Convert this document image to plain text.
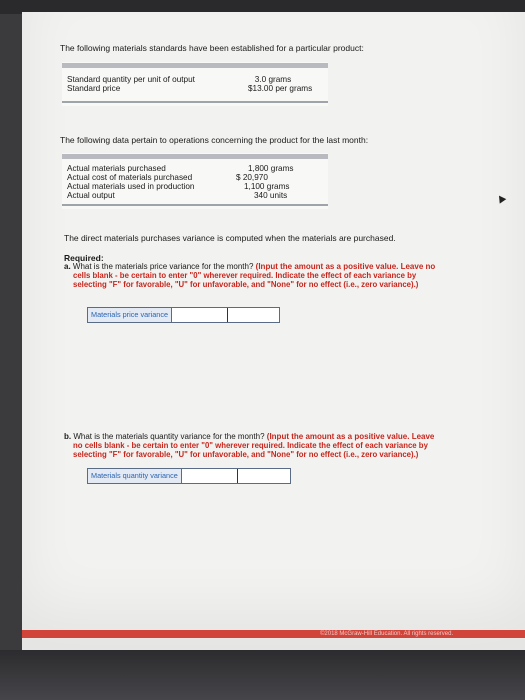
The following materials standards have been established for a particular product:
Standard quantity per unit of output	3.0 grams
Standard price	$13.00 per grams
The following data pertain to operations concerning the product for the last month:
Actual materials purchased	1,800 grams
Actual cost of materials purchased	$ 20,970
Actual materials used in production	1,100 grams
Actual output	340 units
The direct materials purchases variance is computed when the materials are purchased.
Required:
a. What is the materials price variance for the month? (Input the amount as a positive value. Leave no
cells blank - be certain to enter "0" wherever required. Indicate the effect of each variance by
selecting "F" for favorable, "U" for unfavorable, and "None" for no effect (i.e., zero variance).)
Materials price variance
b. What is the materials quantity variance for the month? (Input the amount as a positive value. Leave
no cells blank - be certain to enter "0" wherever required. Indicate the effect of each variance by
selecting "F" for favorable, "U" for unfavorable, and "None" for no effect (i.e., zero variance).)
Materials quantity variance
©2018 McGraw-Hill Education. All rights reserved.
